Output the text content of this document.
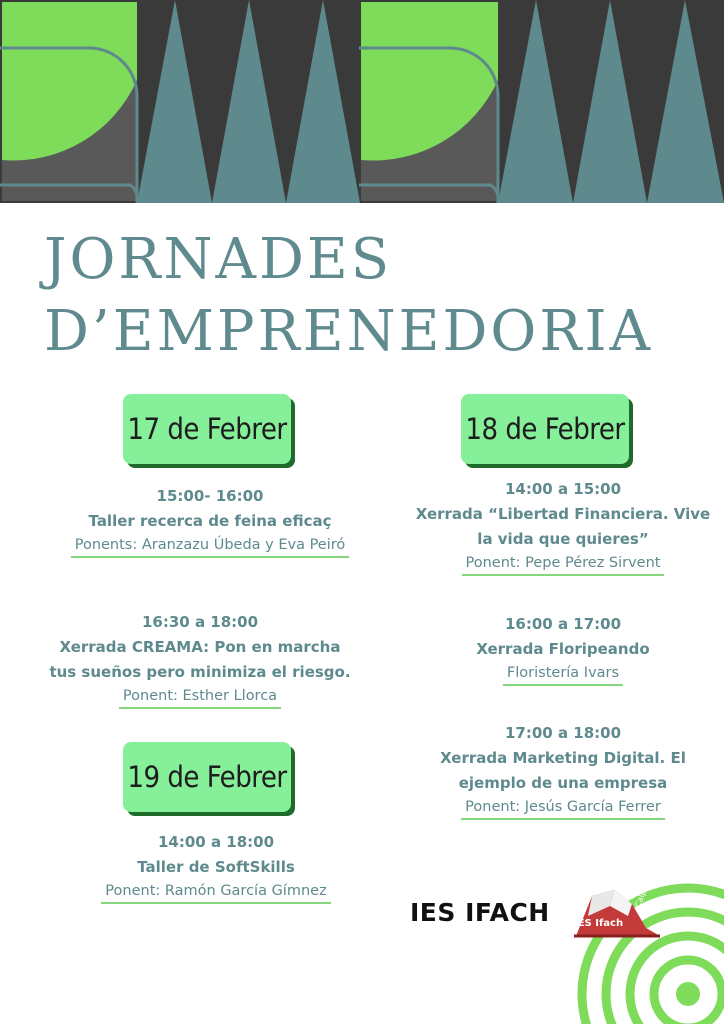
JORNADES
D’EMPRENEDORIA
17 de Febrer
15:00- 16:00
Taller recerca de feina eficaç
Ponents: Aranzazu Úbeda y Eva Peiró
16:30 a 18:00
Xerrada CREAMA: Pon en marcha
tus sueños pero minimiza el riesgo.
Ponent: Esther Llorca
18 de Febrer
14:00 a 15:00
Xerrada “Libertad Financiera. Vive
la vida que quieres”
Ponent: Pepe Pérez Sirvent
16:00 a 17:00
Xerrada Floripeando
Floristería Ivars
17:00 a 18:00
Xerrada Marketing Digital. El
ejemplo de una empresa
Ponent: Jesús García Ferrer
19 de Febrer
14:00 a 18:00
Taller de SoftSkills
Ponent: Ramón García Gímnez
IES IFACH IES Ifach
Calp
